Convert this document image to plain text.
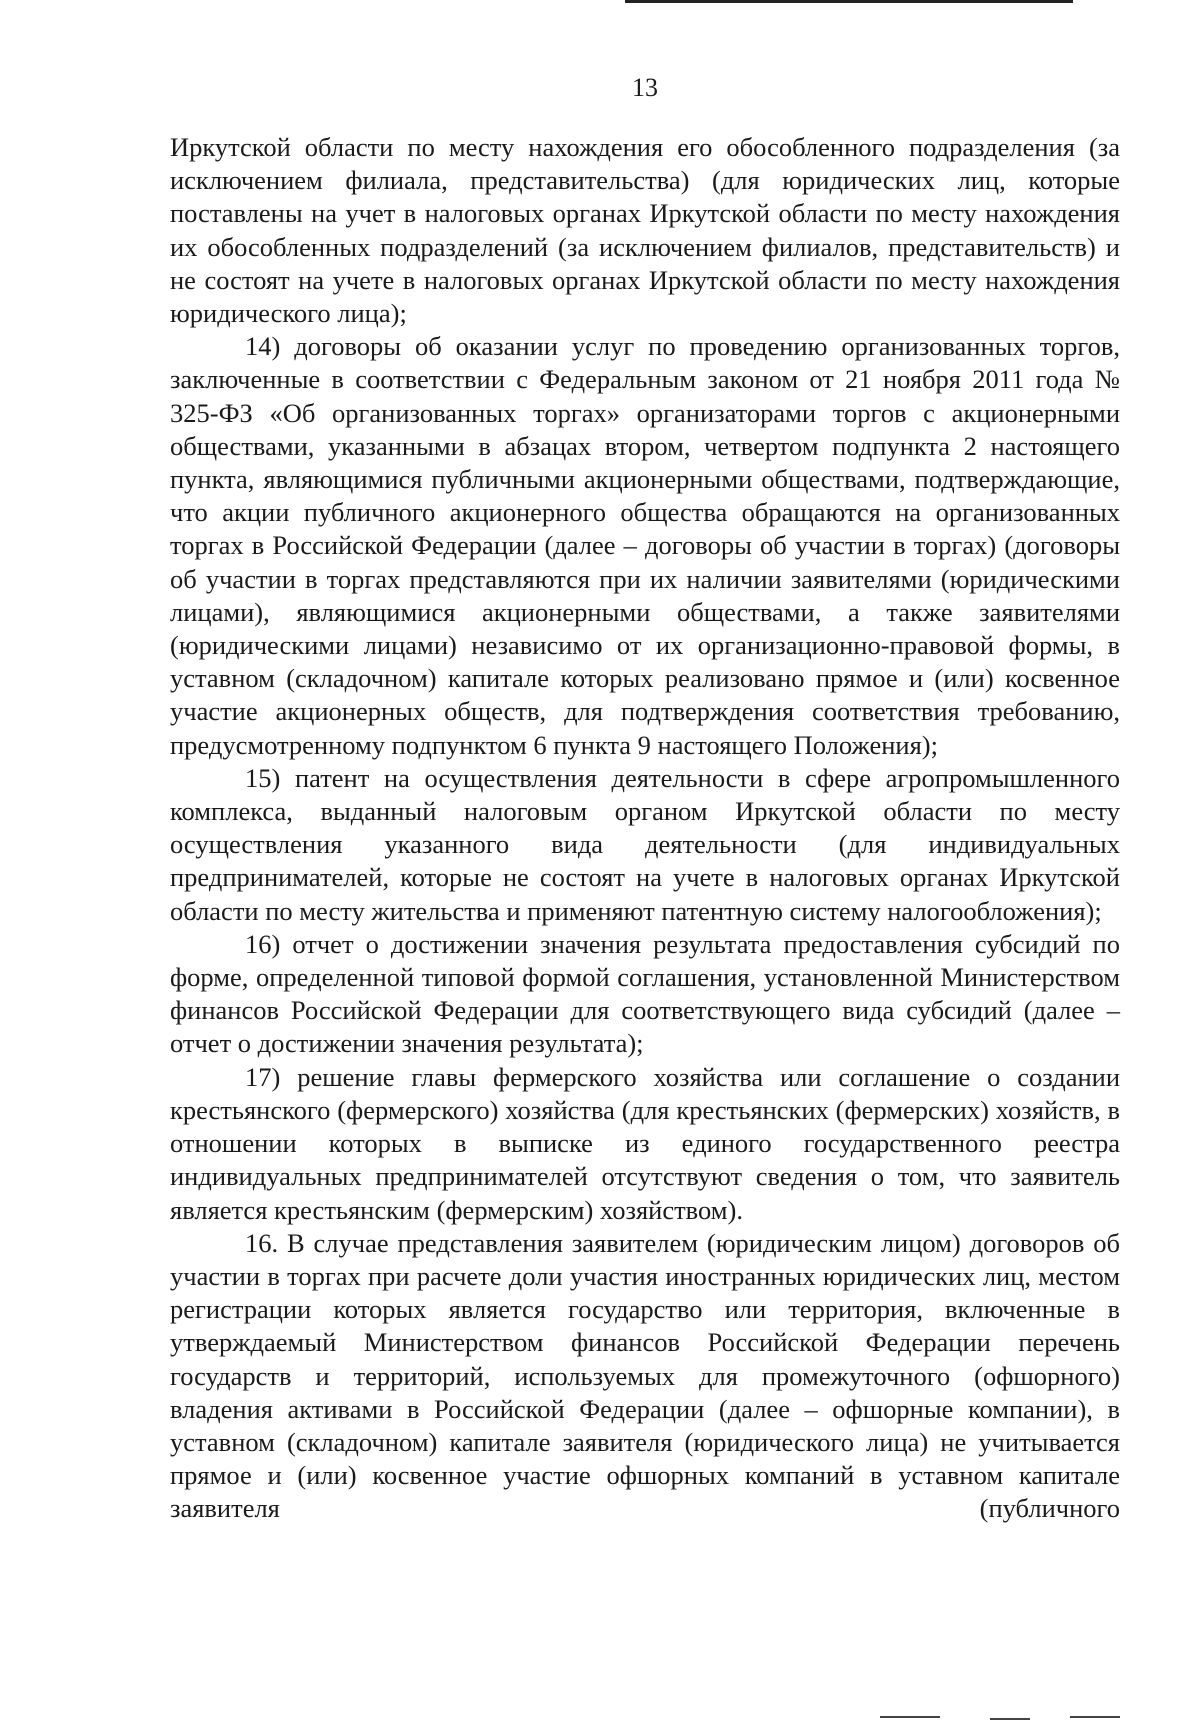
13

Иркутской области по месту нахождения его обособленного подразделения (за исключением филиала, представительства) (для юридических лиц, которые поставлены на учет в налоговых органах Иркутской области по месту нахождения их обособленных подразделений (за исключением филиалов, представительств) и не состоят на учете в налоговых органах Иркутской области по месту нахождения юридического лица);

14) договоры об оказании услуг по проведению организованных торгов, заключенные в соответствии с Федеральным законом от 21 ноября 2011 года № 325-ФЗ «Об организованных торгах» организаторами торгов с акционерными обществами, указанными в абзацах втором, четвертом подпункта 2 настоящего пункта, являющимися публичными акционерными обществами, подтверждающие, что акции публичного акционерного общества обращаются на организованных торгах в Российской Федерации (далее – договоры об участии в торгах) (договоры об участии в торгах представляются при их наличии заявителями (юридическими лицами), являющимися акционерными обществами, а также заявителями (юридическими лицами) независимо от их организационно-правовой формы, в уставном (складочном) капитале которых реализовано прямое и (или) косвенное участие акционерных обществ, для подтверждения соответствия требованию, предусмотренному подпунктом 6 пункта 9 настоящего Положения);

15) патент на осуществления деятельности в сфере агропромышленного комплекса, выданный налоговым органом Иркутской области по месту осуществления указанного вида деятельности (для индивидуальных предпринимателей, которые не состоят на учете в налоговых органах Иркутской области по месту жительства и применяют патентную систему налогообложения);

16) отчет о достижении значения результата предоставления субсидий по форме, определенной типовой формой соглашения, установленной Министерством финансов Российской Федерации для соответствующего вида субсидий (далее – отчет о достижении значения результата);

17) решение главы фермерского хозяйства или соглашение о создании крестьянского (фермерского) хозяйства (для крестьянских (фермерских) хозяйств, в отношении которых в выписке из единого государственного реестра индивидуальных предпринимателей отсутствуют сведения о том, что заявитель является крестьянским (фермерским) хозяйством).

16. В случае представления заявителем (юридическим лицом) договоров об участии в торгах при расчете доли участия иностранных юридических лиц, местом регистрации которых является государство или территория, включенные в утверждаемый Министерством финансов Российской Федерации перечень государств и территорий, используемых для промежуточного (офшорного) владения активами в Российской Федерации (далее – офшорные компании), в уставном (складочном) капитале заявителя (юридического лица) не учитывается прямое и (или) косвенное участие офшорных компаний в уставном капитале заявителя (публичного
